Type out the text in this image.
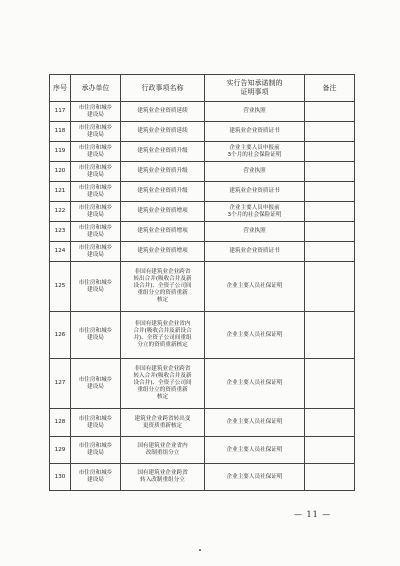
序号	承办单位	行政事项名称	实行告知承诺制的
证明事项	备注
117	市住房和城乡
建设局	建筑业企业资质延续	营业执照	
118	市住房和城乡
建设局	建筑业企业资质延续	建筑业企业资质证书	
119	市住房和城乡
建设局	建筑业企业资质升级	企业主要人员申报前
3个月的社会保险证明	
120	市住房和城乡
建设局	建筑业企业资质升级	营业执照	
121	市住房和城乡
建设局	建筑业企业资质升级	建筑业企业资质证书	
122	市住房和城乡
建设局	建筑业企业资质增项	企业主要人员申报前
3个月的社会保险证明	
123	市住房和城乡
建设局	建筑业企业资质增项	营业执照	
124	市住房和城乡
建设局	建筑业企业资质增项	建筑业企业资质证书	
125	市住房和城乡
建设局	非国有建筑业企业跨省
转出合并(吸收合并及新
设合并)、全资子公司间
重组分立的资质重新
核定	企业主要人员社保证明	
126	市住房和城乡
建设局	非国有建筑业企业省内
合并(吸收合并及新设合
并)、全资子公司间重组
分立的资质重新核定	企业主要人员社保证明	
127	市住房和城乡
建设局	非国有建筑业企业跨省
转入合并(吸收合并及新
设合并)、全资子公司间
重组分立的资质重新
核定	企业主要人员社保证明	
128	市住房和城乡
建设局	建筑业企业跨省转出变
更资质重新核定	企业主要人员社保证明	
129	市住房和城乡
建设局	国有建筑业企业省内
改制重组分立	企业主要人员社保证明	
130	市住房和城乡
建设局	国有建筑业企业跨省
转入改制重组分立	企业主要人员社保证明	
— 11 —
